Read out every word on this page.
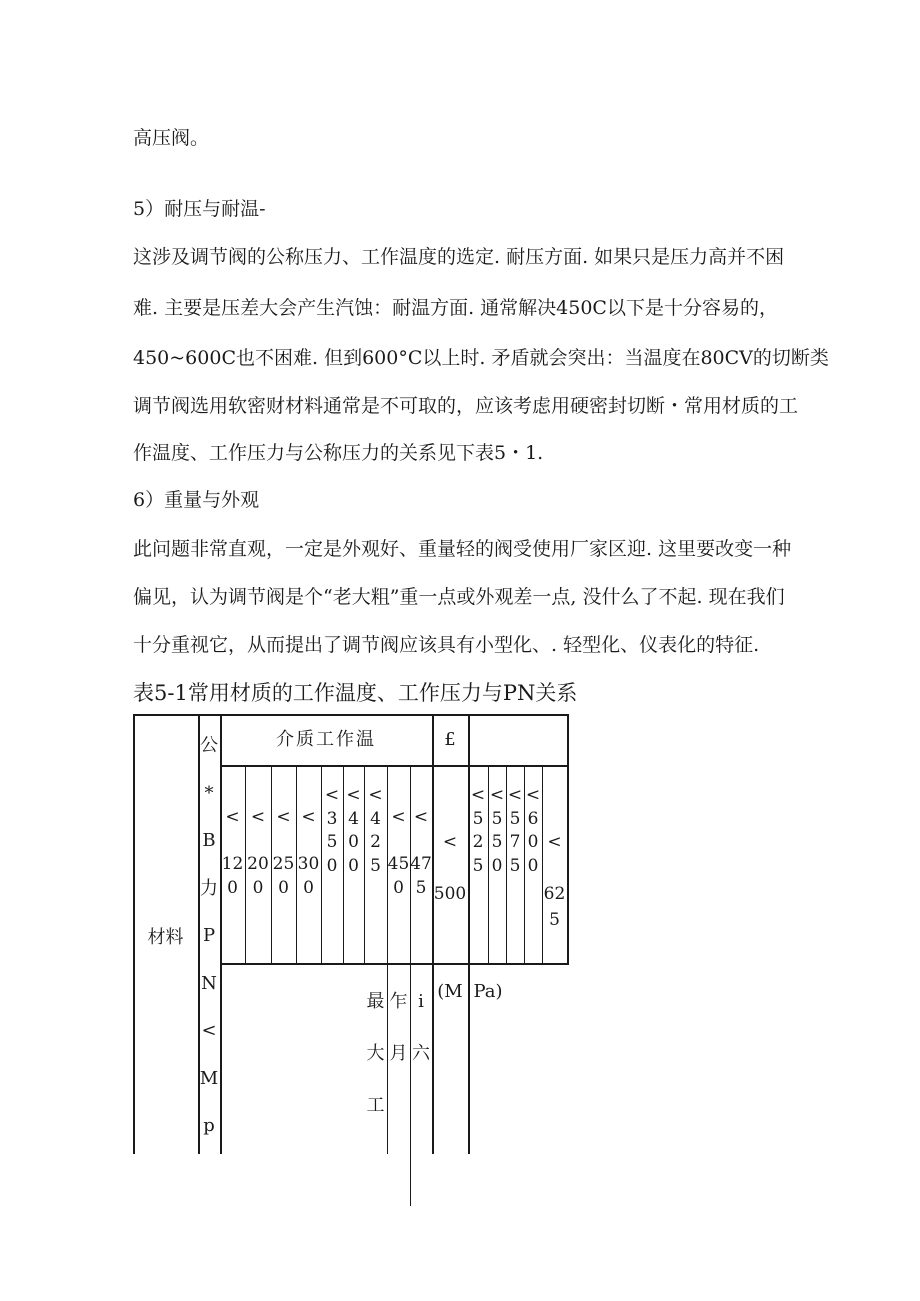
高压阀。
5）耐压与耐温-
这涉及调节阀的公称压力、工作温度的选定. 耐压方面. 如果只是压力高并不困
难. 主要是压差大会产生汽蚀：耐温方面. 通常解决450C以下是十分容易的，
450~600C也不困难. 但到600°C以上时. 矛盾就会突出：当温度在80CV的切断类
调节阀选用软密财材料通常是不可取的，应该考虑用硬密封切断・常用材质的工
作温度、工作压力与公称压力的关系见下表5・1.
6）重量与外观
此问题非常直观，一定是外观好、重量轻的阀受使用厂家区迎. 这里要改变一种
偏见，认为调节阀是个“老大粗”重一点或外观差一点, 没什么了不起. 现在我们
十分重视它，从而提出了调节阀应该具有小型化、. 轻型化、仪表化的特征.
表5-1常用材质的工作温度、工作压力与PN关系
材料
公
*
B
力
P
N
<
M
p
介质工作温	£
<

12
0
<

20
0
<

25
0
<

30
0
<
3
5
0
<
4
0
0
<
4
2
5
<

45
0
<

47
5
<

500
<
5
2
5
<
5
5
0
<
5
7
5
<
6
0
0
<

62
5
最
大
工
乍
月
i
六
(M Pa)
